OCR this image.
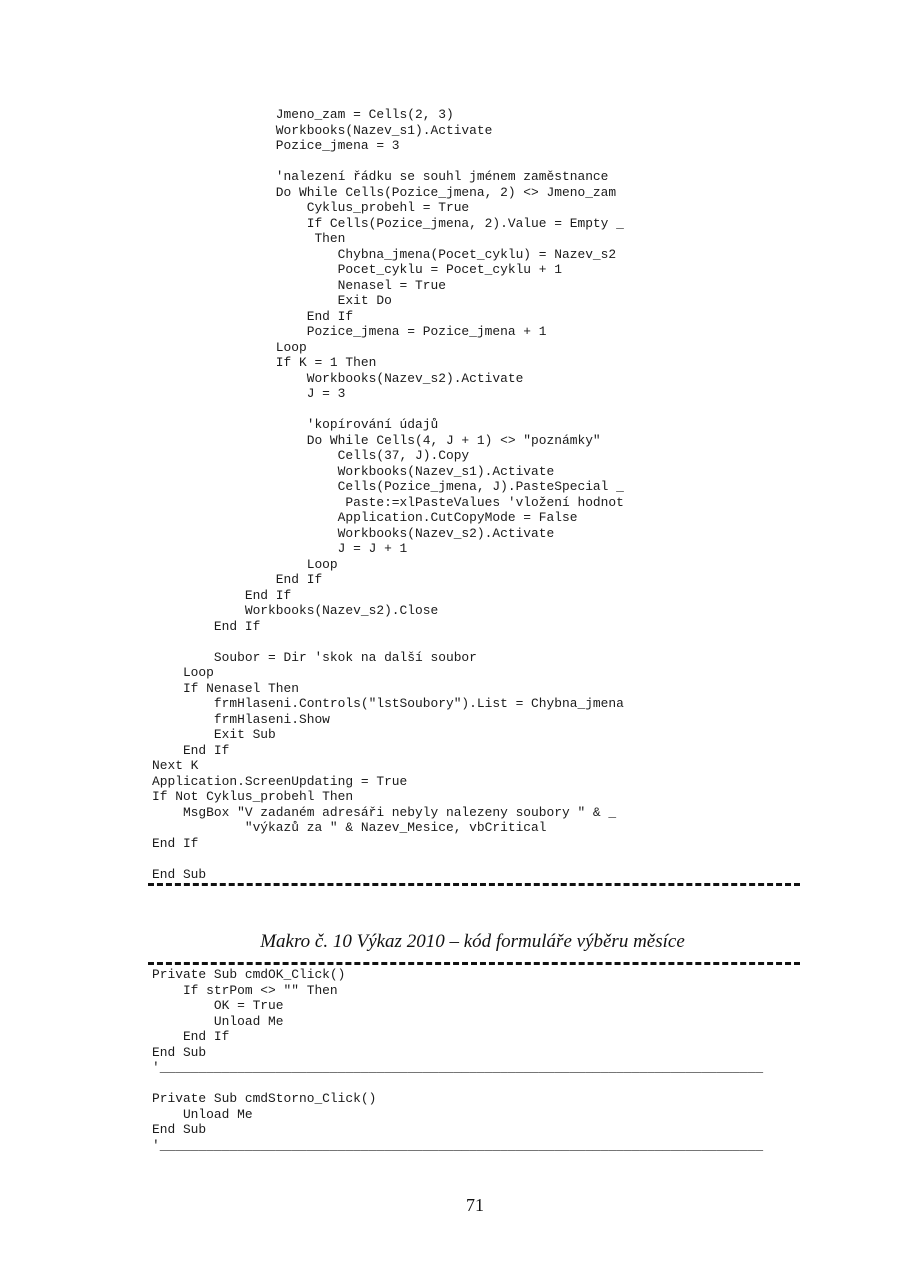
Jmeno_zam = Cells(2, 3)
Workbooks(Nazev_s1).Activate
Pozice_jmena = 3
'nalezení řádku se souhl jménem zaměstnance
Do While Cells(Pozice_jmena, 2) <> Jmeno_zam
Cyklus_probehl = True
If Cells(Pozice_jmena, 2).Value = Empty _
Then
Chybna_jmena(Pocet_cyklu) = Nazev_s2
Pocet_cyklu = Pocet_cyklu + 1
Nenasel = True
Exit Do
End If
Pozice_jmena = Pozice_jmena + 1
Loop
If K = 1 Then
Workbooks(Nazev_s2).Activate
J = 3
'kopírování údajů
Do While Cells(4, J + 1) <> "poznámky"
Cells(37, J).Copy
Workbooks(Nazev_s1).Activate
Cells(Pozice_jmena, J).PasteSpecial _
Paste:=xlPasteValues 'vložení hodnot
Application.CutCopyMode = False
Workbooks(Nazev_s2).Activate
J = J + 1
Loop
End If
End If
Workbooks(Nazev_s2).Close
End If
Soubor = Dir 'skok na další soubor
Loop
If Nenasel Then
frmHlaseni.Controls("lstSoubory").List = Chybna_jmena
frmHlaseni.Show
Exit Sub
End If
Next K
Application.ScreenUpdating = True
If Not Cyklus_probehl Then
MsgBox "V zadaném adresáři nebyly nalezeny soubory " & _
"výkazů za " & Nazev_Mesice, vbCritical
End If
End Sub
Makro č. 10 Výkaz 2010 – kód formuláře výběru měsíce
Private Sub cmdOK_Click()
If strPom <> "" Then
OK = True
Unload Me
End If
End Sub
'______________________________________________________________________________
Private Sub cmdStorno_Click()
Unload Me
End Sub
'______________________________________________________________________________
71
